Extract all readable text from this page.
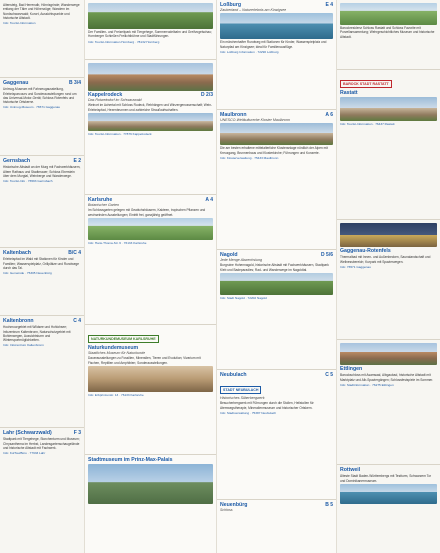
Altensteig, Bad Herrenalb, Hörnisgrinde; Wanderwege entlang der Täler und Höhenzüge; Wandern im Nordschwarzwald; Kurort, Aussichtspunkte und historische Altstadt.
Info: Tourist-Information
Gaggenau	B 3/4
Unimog-Museum mit Fahrzeugausstellung, Erlebnisparcours und Sonderausstellungen rund um das Universal-Motor-Gerät; Schloss Rotenfels und historische Ortskerne.
Info: Unimog-Museum · 76571 Gaggenau
Gernsbach	E 2
Historische Altstadt an der Murg mit Fachwerkhäusern, Altem Rathaus und Stadtmauer; Schloss Eberstein über dem Murgtal, Weinberge und Wanderwege.
Info: Tourist-Info · 76593 Gernsbach
Kaltenbach	B/C 4
Erlebnispfad im Wald mit Stationen für Kinder und Familien; Wasserspielplatz, Grillplätze und Rundwege durch das Tal.
Info: Gemeinde · 75305 Neuenbürg
Kaltenbronn	C 4
Hochmoorgebiet mit Wildsee und Hohlohsee; Infozentrum Kaltenbronn, Naturschutzgebiet mit Bohlenwegen, Aussichtsturm und Wintersportmöglichkeiten.
Info: Infozentrum Kaltenbronn
Lahr (Schwarzwald)	F 3
Stadtpark mit Tiergehege, Storchenturm und Museum; Chrysanthema im Herbst, Landesgartenschaugelände und historische Altstadt mit Fachwerk.
Info: KulTourBüro · 77933 Lahr
Der Familien- und Freizeitpark mit Tiergehege, Sommerrodelbahn und Greifvogelschau; Hornberger Schießen Freilichtbühne und Stadtführungen.
Info: Tourist-Information Hornberg · 78132 Hornberg
Kappelrodeck	D 2/3
Das Rotweindorf im Schwarzwald
Weinort im Achertal mit Schloss Rodeck, Rebhängen und Winzergenossenschaft; Wein-Erlebnispfad, Hexenbrunnen und zahlreiche Straußwirtschaften.
Info: Tourist-Information · 77876 Kappelrodeck
Karlsruhe	A 4
Botanischer Garten
Im Schlossgarten gelegen mit Gewächshäusern, Kakteen, tropischen Pflanzen und wechselnden Ausstellungen; Eintritt frei, ganzjährig geöffnet.
Info: Hans-Thoma-Str. 6 · 76133 Karlsruhe
NATURKUNDEMUSEUM KARLSRUHE
Naturkundemuseum
Staatliches Museum für Naturkunde
Dauerausstellungen zu Fossilien, Mineralien, Tieren und Evolution; Vivarium mit Fischen, Reptilien und Amphibien; Sonderausstellungen.
Info: Erbprinzenstr. 13 · 76133 Karlsruhe
Stadtmuseum im Prinz-Max-Palais
Loßburg	E 4
Zauberland – Naturerlebnis am Kinzigsee
Ein märchenhafter Rundweg mit Stationen für Kinder, Wasserspielplatz und Naturpfad am Kinzigsee; ideal für Familienausflüge.
Info: Loßburg Information · 72290 Loßburg
Maulbronn	A 6
UNESCO-Weltkulturerbe Kloster Maulbronn
Die am besten erhaltene mittelalterliche Klosteranlage nördlich der Alpen mit Kreuzgang, Brunnenhaus und Klosterkirche; Führungen und Konzerte.
Info: Klosterverwaltung · 75433 Maulbronn
Nagold	D 5/6
Jede Menge Abwechslung
Burgruine Hohennagold, historische Altstadt mit Fachwerkhäusern, Stadtpark Kleb und Badeparadies; Rad- und Wanderwege im Nagoldtal.
Info: Stadt Nagold · 72202 Nagold
Neubulach	C 5
STADT NEUBULACH
Historisches Silberbergwerk
Besucherbergwerk mit Führungen durch die Stollen, Heilstollen für Atemwegstherapie, Mineralienmuseum und historischer Ortskern.
Info: Stadtverwaltung · 75387 Neubulach
Neuenbürg	B 5
Schloss
Barockresidenz Schloss Rastatt und Schloss Favorite mit Porzellansammlung; Wehrgeschichtliches Museum und historische Altstadt.
BAROCK STADT RASTATT
Rastatt
Info: Tourist-Information · 76437 Rastatt
Gaggenau-Rotenfels
Thermalbad mit Innen- und Außenbecken, Saunalandschaft und Wellnessbereich; Kurpark mit Spazierwegen.
Info: 76571 Gaggenau
Ettlingen
Barockschloss mit Asamsaal, Albgaubad, historische Altstadt mit Marktplatz und Alb-Spaziergängen; Schlossfestspiele im Sommer.
Info: Stadtinformation · 76275 Ettlingen
Rottweil
Älteste Stadt Baden-Württembergs mit Testturm, Schwarzem Tor und Dominikanermuseum.
